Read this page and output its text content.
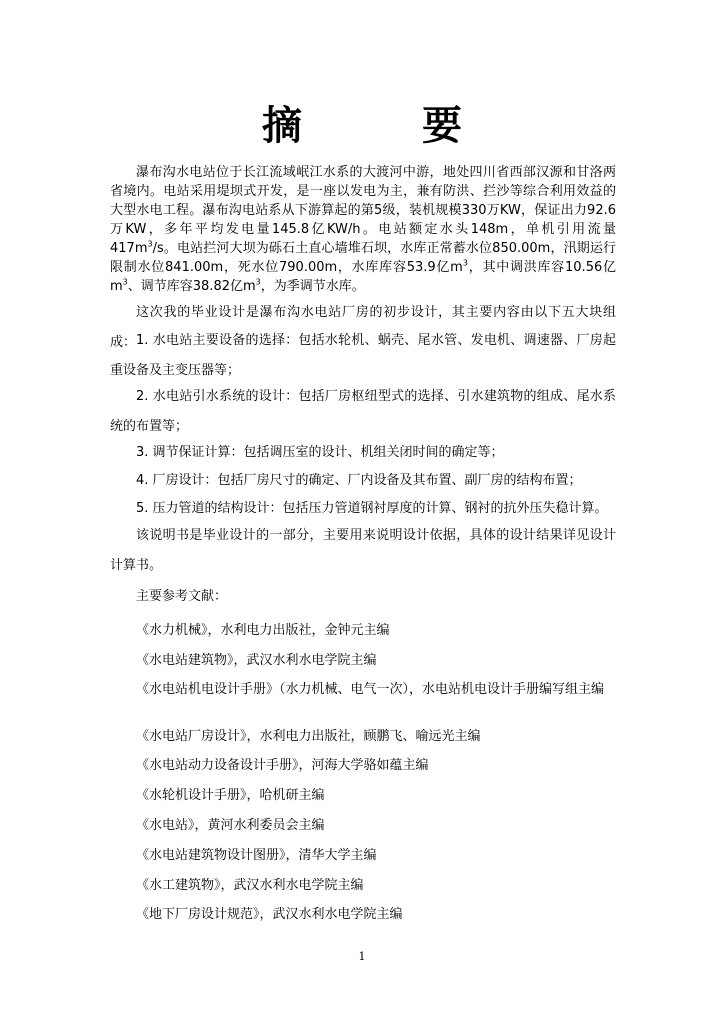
摘　要
瀑布沟水电站位于长江流域岷江水系的大渡河中游，地处四川省西部汉源和甘洛两省境内。电站采用堤坝式开发，是一座以发电为主，兼有防洪、拦沙等综合利用效益的大型水电工程。瀑布沟电站系从下游算起的第5级，装机规模330万KW，保证出力92.6万KW，多年平均发电量145.8亿KW/h。电站额定水头148m，单机引用流量$417m^3/s$。电站拦河大坝为砾石土直心墙堆石坝，水库正常蓄水位850.00m，汛期运行限制水位841.00m，死水位790.00m，水库库容53.9亿$m^3$，其中调洪库容10.56亿$m^3$、调节库容38.82亿$m^3$，为季调节水库。
这次我的毕业设计是瀑布沟水电站厂房的初步设计，其主要内容由以下五大块组成： 1. 水电站主要设备的选择：包括水轮机、蜗壳、尾水管、发电机、调速器、厂房起重设备及主变压器等；
2. 水电站引水系统的设计：包括厂房枢纽型式的选择、引水建筑物的组成、尾水系统的布置等；
3. 调节保证计算：包括调压室的设计、机组关闭时间的确定等；
4. 厂房设计：包括厂房尺寸的确定、厂内设备及其布置、副厂房的结构布置；
5. 压力管道的结构设计：包括压力管道钢衬厚度的计算、钢衬的抗外压失稳计算。
该说明书是毕业设计的一部分，主要用来说明设计依据，具体的设计结果详见设计计算书。
主要参考文献：
《水力机械》，水利电力出版社，金钟元主编
《水电站建筑物》，武汉水利水电学院主编
《水电站机电设计手册》（水力机械、电气一次），水电站机电设计手册编写组主编
《水电站厂房设计》，水利电力出版社，顾鹏飞、喻远光主编
《水电站动力设备设计手册》，河海大学骆如蕴主编
《水轮机设计手册》，哈机研主编
《水电站》，黄河水利委员会主编
《水电站建筑物设计图册》，清华大学主编
《水工建筑物》，武汉水利水电学院主编
《地下厂房设计规范》，武汉水利水电学院主编
1
